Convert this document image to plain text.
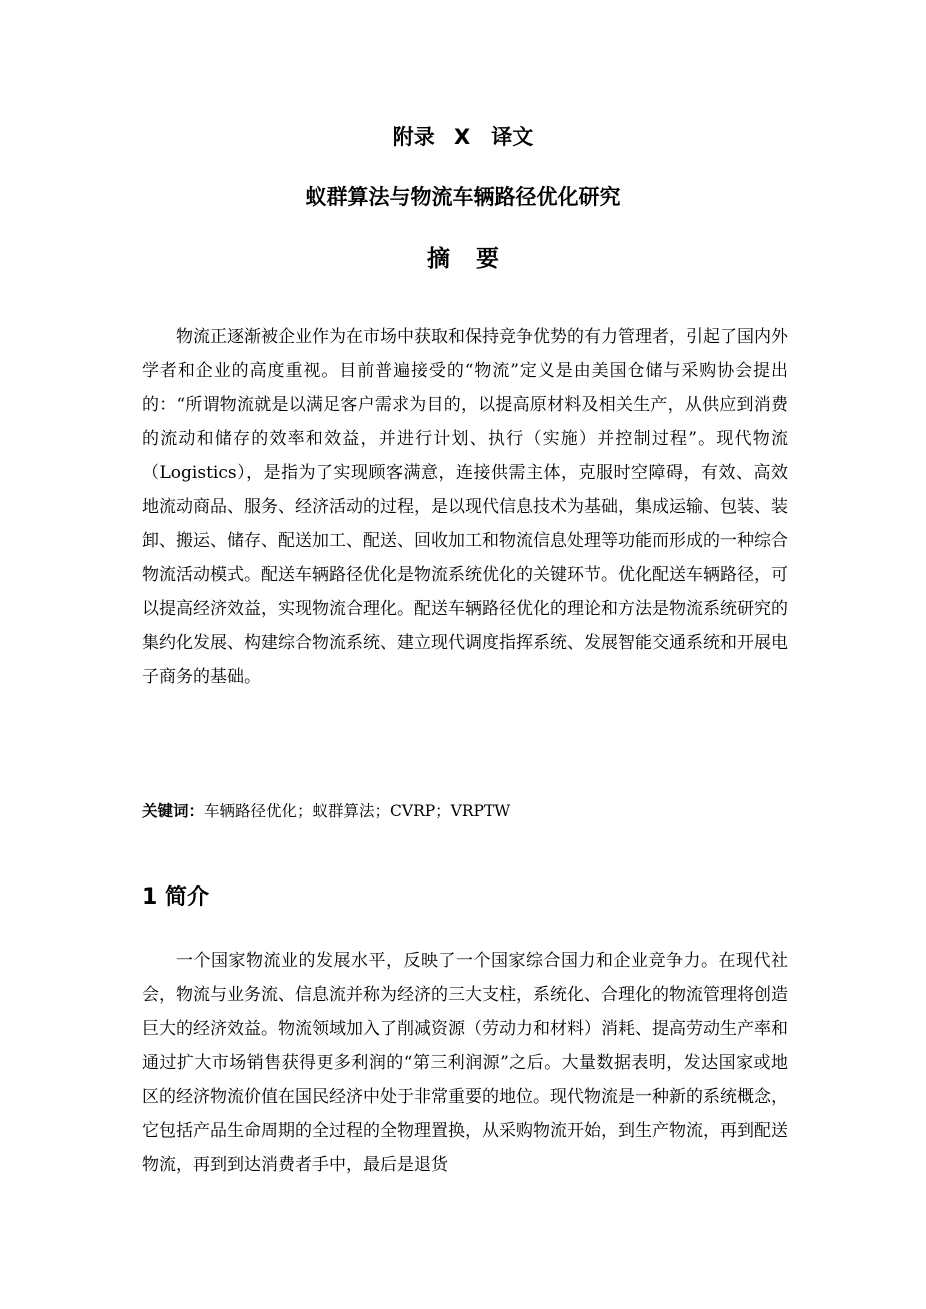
附录 X　译文
蚁群算法与物流车辆路径优化研究
摘要

物流正逐渐被企业作为在市场中获取和保持竞争优势的有力管理者，引起了国内外学者和企业的高度重视。目前普遍接受的“物流”定义是由美国仓储与采购协会提出的：“所谓物流就是以满足客户需求为目的，以提高原材料及相关生产，从供应到消费的流动和储存的效率和效益，并进行计划、执行（实施）并控制过程”。现代物流（Logistics），是指为了实现顾客满意，连接供需主体，克服时空障碍，有效、高效地流动商品、服务、经济活动的过程，是以现代信息技术为基础，集成运输、包装、装卸、搬运、储存、配送加工、配送、回收加工和物流信息处理等功能而形成的一种综合物流活动模式。配送车辆路径优化是物流系统优化的关键环节。优化配送车辆路径，可以提高经济效益，实现物流合理化。配送车辆路径优化的理论和方法是物流系统研究的集约化发展、构建综合物流系统、建立现代调度指挥系统、发展智能交通系统和开展电子商务的基础。

关键词：车辆路径优化；蚁群算法；CVRP；VRPTW

1 简介

一个国家物流业的发展水平，反映了一个国家综合国力和企业竞争力。在现代社会，物流与业务流、信息流并称为经济的三大支柱，系统化、合理化的物流管理将创造巨大的经济效益。物流领域加入了削减资源（劳动力和材料）消耗、提高劳动生产率和通过扩大市场销售获得更多利润的“第三利润源”之后。大量数据表明，发达国家或地区的经济物流价值在国民经济中处于非常重要的地位。现代物流是一种新的系统概念，它包括产品生命周期的全过程的全物理置换，从采购物流开始，到生产物流，再到配送物流，再到到达消费者手中，最后是退货
